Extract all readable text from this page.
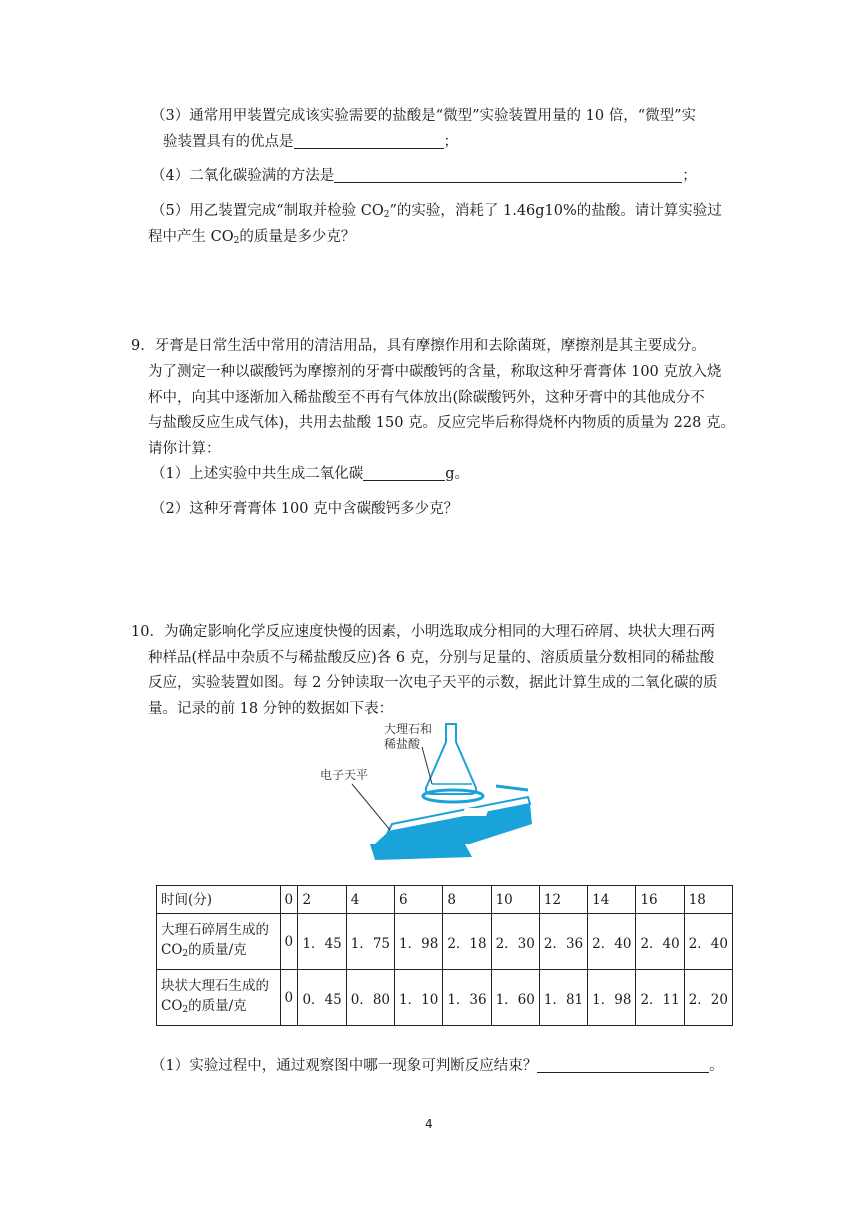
（3）通常用甲装置完成该实验需要的盐酸是“微型”实验装置用量的 10 倍，“微型”实
验装置具有的优点是	；
（4）二氧化碳验满的方法是	；
（5）用乙装置完成“制取并检验 $CO_2$”的实验，消耗了 1.46g10%的盐酸。请计算实验过
程中产生 $CO_2$的质量是多少克？
9．牙膏是日常生活中常用的清洁用品，具有摩擦作用和去除菌斑，摩擦剂是其主要成分。
为了测定一种以碳酸钙为摩擦剂的牙膏中碳酸钙的含量，称取这种牙膏膏体 100 克放入烧
杯中，向其中逐渐加入稀盐酸至不再有气体放出(除碳酸钙外，这种牙膏中的其他成分不
与盐酸反应生成气体)，共用去盐酸 150 克。反应完毕后称得烧杯内物质的质量为 228 克。
请你计算：
（1）上述实验中共生成二氧化碳	g。
（2）这种牙膏膏体 100 克中含碳酸钙多少克？
10．为确定影响化学反应速度快慢的因素，小明选取成分相同的大理石碎屑、块状大理石两
种样品(样品中杂质不与稀盐酸反应)各 6 克，分别与足量的、溶质质量分数相同的稀盐酸
反应，实验装置如图。每 2 分钟读取一次电子天平的示数，据此计算生成的二氧化碳的质
量。记录的前 18 分钟的数据如下表：
大理石和
稀盐酸
电子天平
时间(分)	0	2	4	6	8	10	12	14	16	18
大理石碎屑生成的
$CO_2$的质量/克	0	1．45	1．75	1．98	2．18	2．30	2．36	2．40	2．40	2．40
块状大理石生成的
$CO_2$的质量/克	0	0．45	0．80	1．10	1．36	1．60	1．81	1．98	2．11	2．20
（1）实验过程中，通过观察图中哪一现象可判断反应结束？	。
4
